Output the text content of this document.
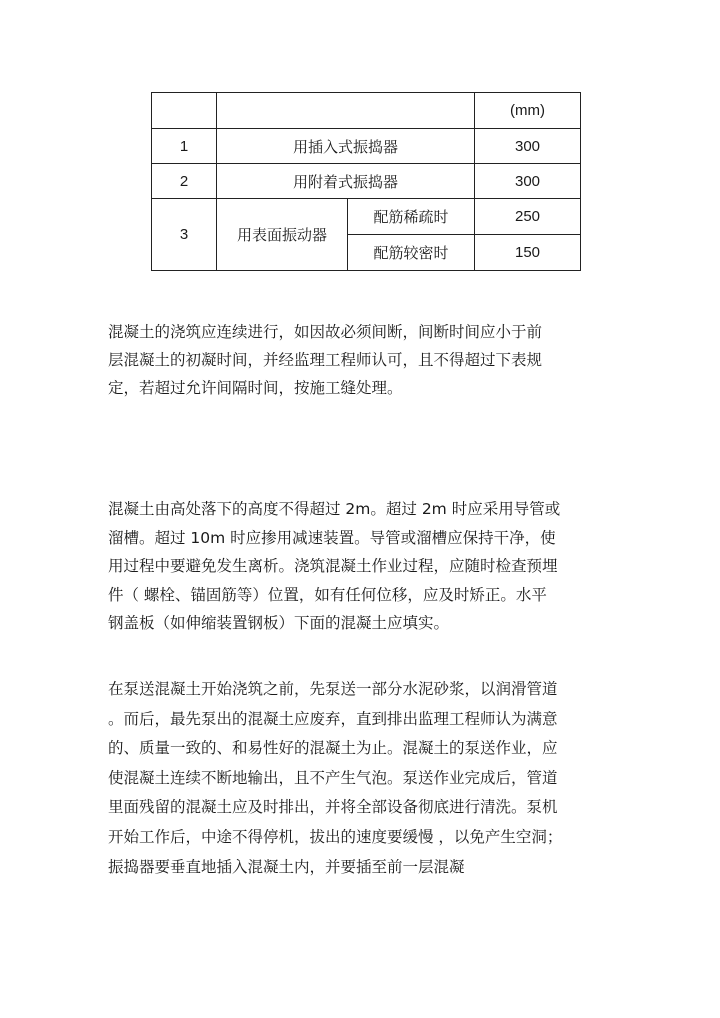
			(mm)
1	用插入式振捣器		300
2	用附着式振捣器		300
3	用表面振动器	配筋稀疏时	250
		配筋较密时	150
混凝土的浇筑应连续进行，如因故必须间断，间断时间应小于前
层混凝土的初凝时间，并经监理工程师认可，且不得超过下表规
定，若超过允许间隔时间，按施工缝处理。
混凝土由高处落下的高度不得超过 2m。超过 2m 时应采用导管或
溜槽。超过 10m 时应掺用减速装置。导管或溜槽应保持干净，使
用过程中要避免发生离析。浇筑混凝土作业过程，应随时检查预埋
件（ 螺栓、锚固筋等）位置，如有任何位移，应及时矫正。水平
钢盖板（如伸缩装置钢板）下面的混凝土应填实。
在泵送混凝土开始浇筑之前，先泵送一部分水泥砂浆，以润滑管道
。而后，最先泵出的混凝土应废弃，直到排出监理工程师认为满意
的、质量一致的、和易性好的混凝土为止。混凝土的泵送作业，应
使混凝土连续不断地输出，且不产生气泡。泵送作业完成后，管道
里面残留的混凝土应及时排出，并将全部设备彻底进行清洗。泵机
开始工作后，中途不得停机，拔出的速度要缓慢 ，以免产生空洞；
振捣器要垂直地插入混凝土内，并要插至前一层混凝
